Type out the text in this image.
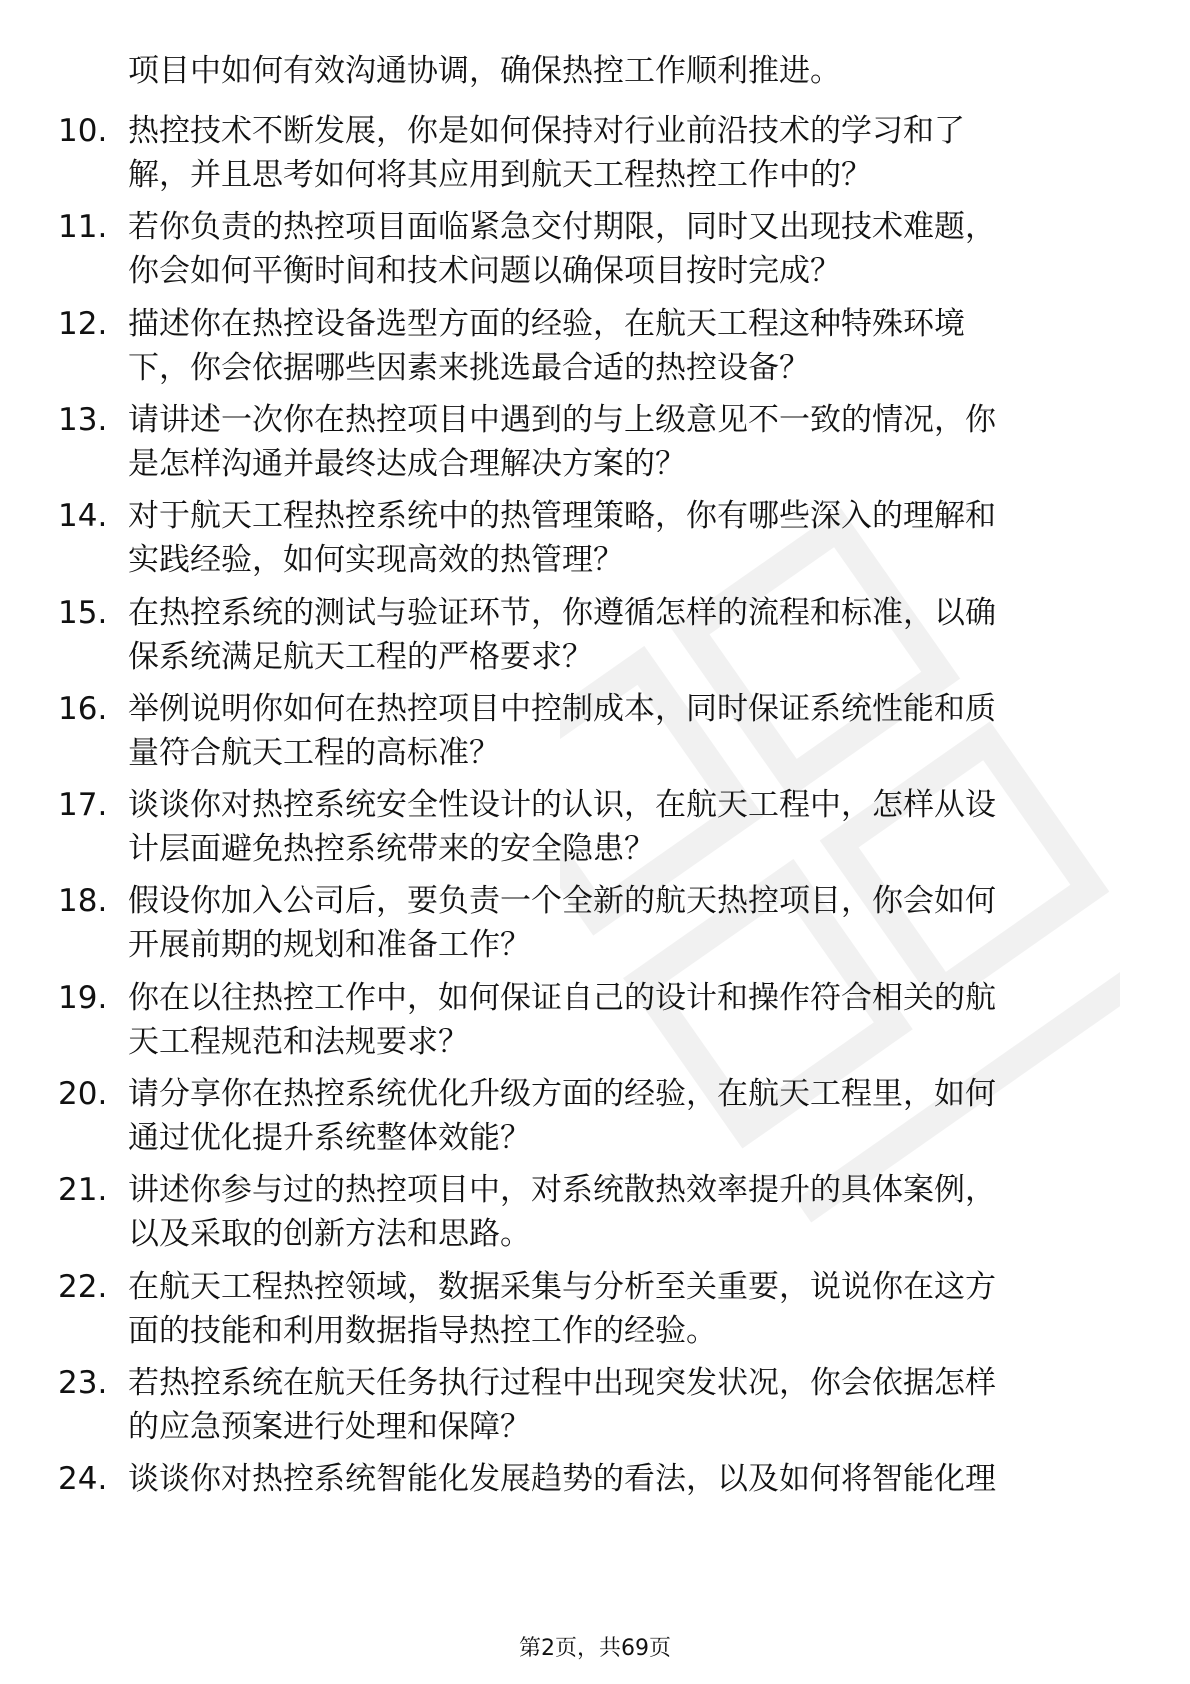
项目中如何有效沟通协调，确保热控工作顺利推进。
10. 热控技术不断发展，你是如何保持对行业前沿技术的学习和了
解，并且思考如何将其应用到航天工程热控工作中的？
11. 若你负责的热控项目面临紧急交付期限，同时又出现技术难题，
你会如何平衡时间和技术问题以确保项目按时完成？
12. 描述你在热控设备选型方面的经验，在航天工程这种特殊环境
下，你会依据哪些因素来挑选最合适的热控设备？
13. 请讲述一次你在热控项目中遇到的与上级意见不一致的情况，你
是怎样沟通并最终达成合理解决方案的？
14. 对于航天工程热控系统中的热管理策略，你有哪些深入的理解和
实践经验，如何实现高效的热管理？
15. 在热控系统的测试与验证环节，你遵循怎样的流程和标准，以确
保系统满足航天工程的严格要求？
16. 举例说明你如何在热控项目中控制成本，同时保证系统性能和质
量符合航天工程的高标准？
17. 谈谈你对热控系统安全性设计的认识，在航天工程中，怎样从设
计层面避免热控系统带来的安全隐患？
18. 假设你加入公司后，要负责一个全新的航天热控项目，你会如何
开展前期的规划和准备工作？
19. 你在以往热控工作中，如何保证自己的设计和操作符合相关的航
天工程规范和法规要求？
20. 请分享你在热控系统优化升级方面的经验，在航天工程里，如何
通过优化提升系统整体效能？
21. 讲述你参与过的热控项目中，对系统散热效率提升的具体案例，
以及采取的创新方法和思路。
22. 在航天工程热控领域，数据采集与分析至关重要，说说你在这方
面的技能和利用数据指导热控工作的经验。
23. 若热控系统在航天任务执行过程中出现突发状况，你会依据怎样
的应急预案进行处理和保障？
24. 谈谈你对热控系统智能化发展趋势的看法，以及如何将智能化理
第2页，共69页
